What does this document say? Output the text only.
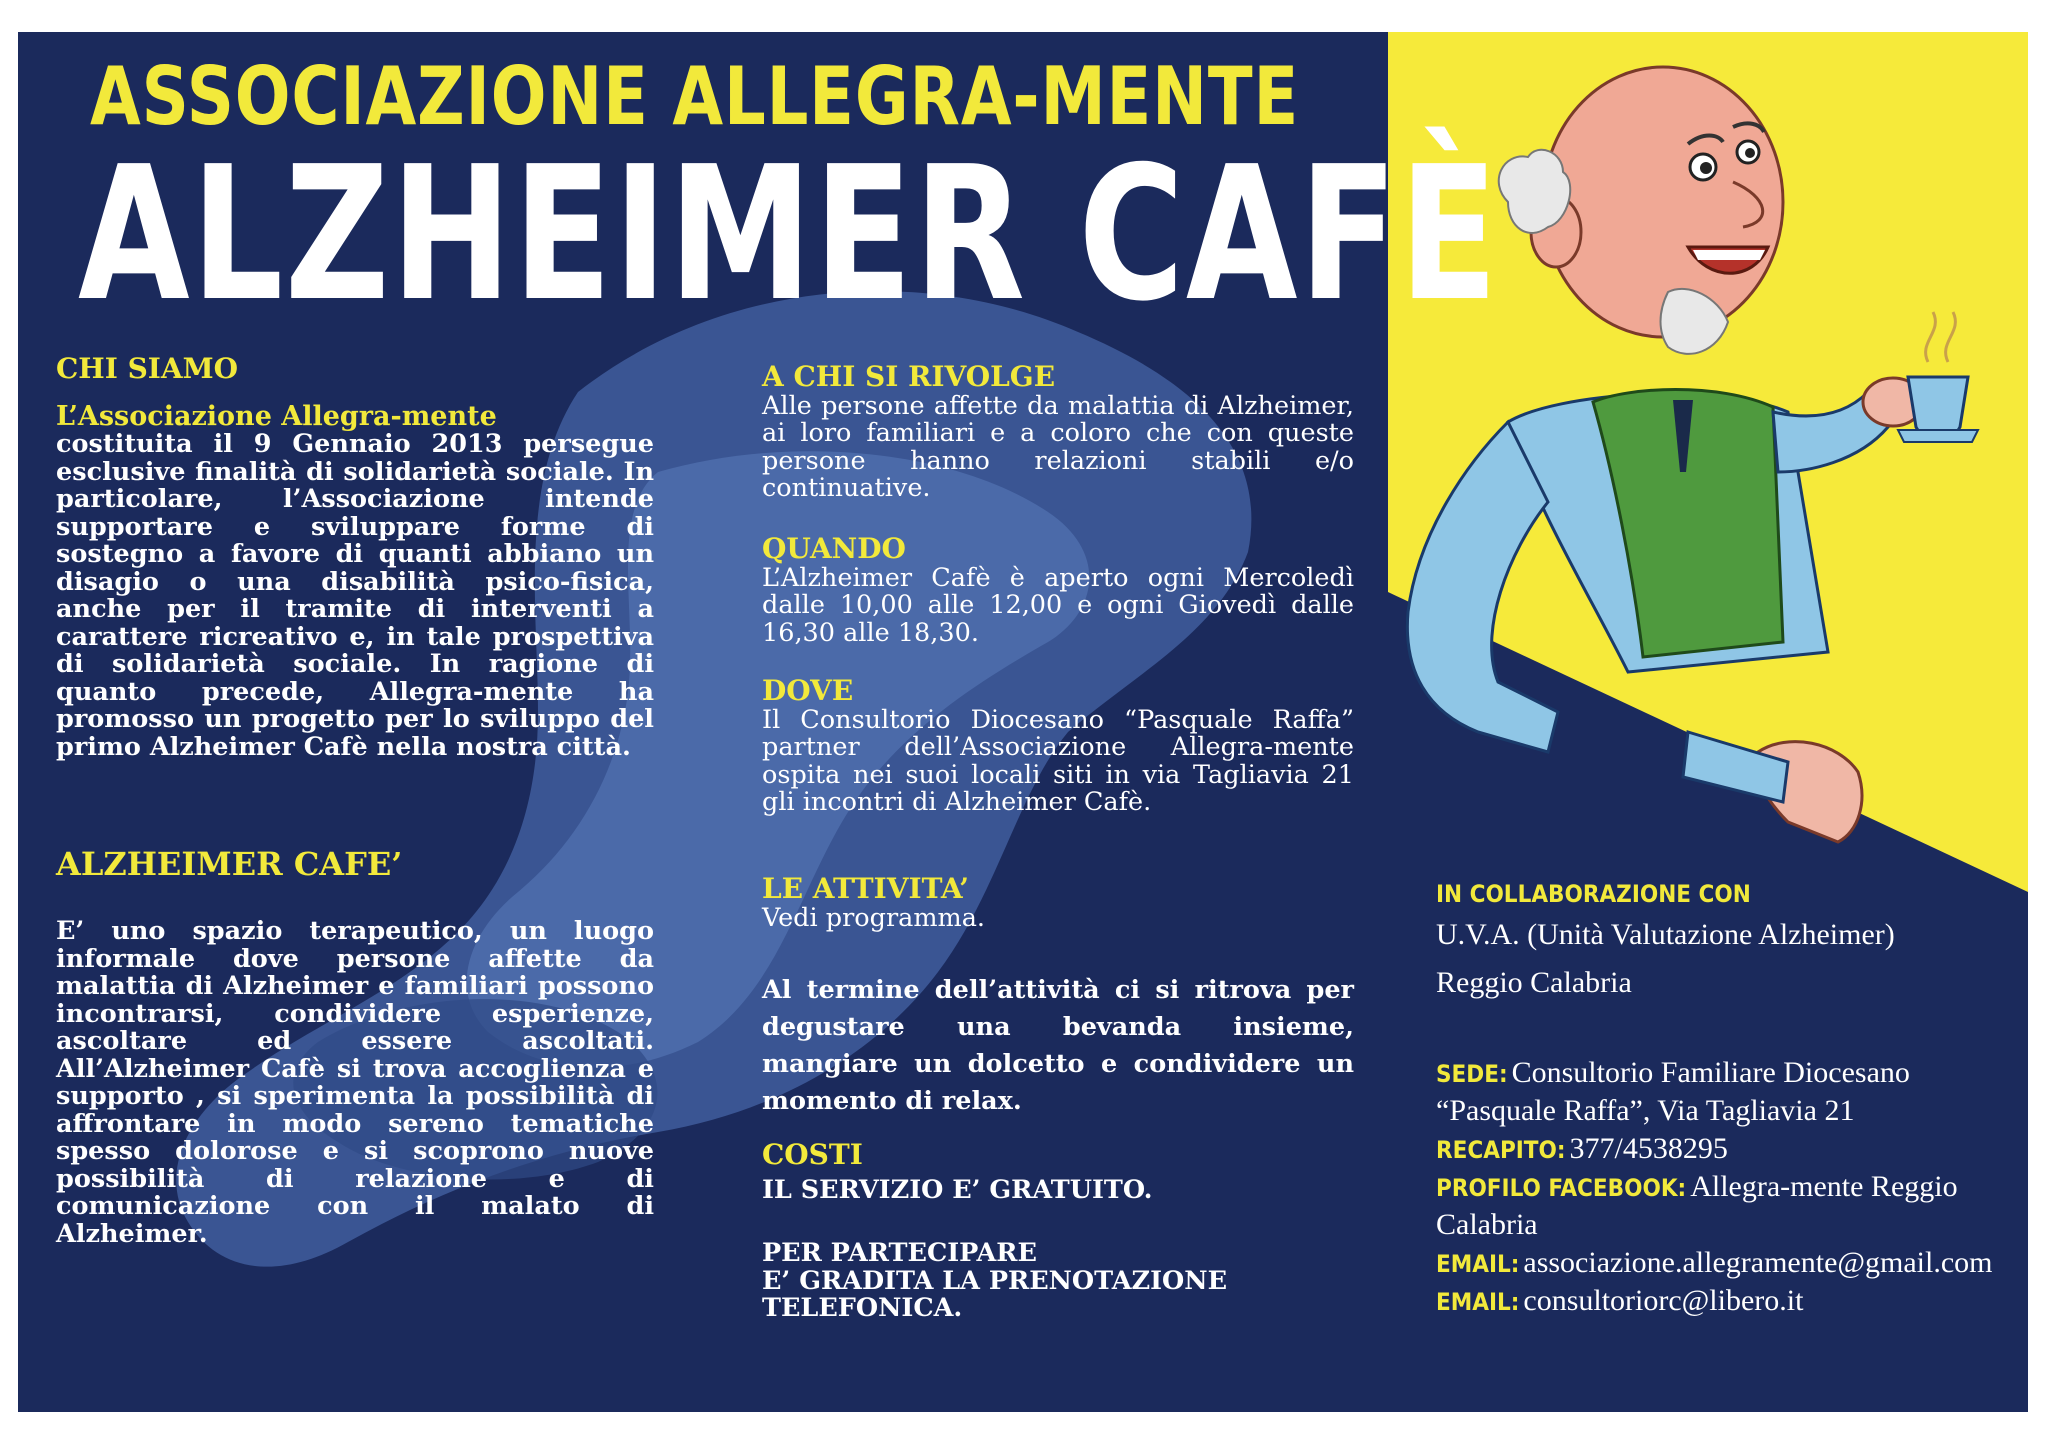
ASSOCIAZIONE ALLEGRA-MENTE
ALZHEIMER CAFÈ

CHI SIAMO

L’Associazione Allegra-mente

costituita il 9 Gennaio 2013 persegue esclusive finalità di solidarietà sociale. In particolare, l’Associazione intende supportare e sviluppare forme di sostegno a favore di quanti abbiano un disagio o una disabilità psico-fisica, anche per il tramite di interventi a carattere ricreativo e, in tale prospettiva di solidarietà sociale. In ragione di quanto precede, Allegra-mente ha promosso un progetto per lo sviluppo del primo Alzheimer Cafè nella nostra città.

ALZHEIMER CAFE’

E’ uno spazio terapeutico, un luogo informale dove persone affette da malattia di Alzheimer e familiari possono incontrarsi, condividere esperienze, ascoltare ed essere ascoltati. All’Alzheimer Cafè si trova accoglienza e supporto , si sperimenta la possibilità di affrontare in modo sereno tematiche spesso dolorose e si scoprono nuove possibilità di relazione e di comunicazione con il malato di Alzheimer.

A CHI SI RIVOLGE

Alle persone affette da malattia di Alzheimer, ai loro familiari e a coloro che con queste persone hanno relazioni stabili e/o continuative.

QUANDO

L’Alzheimer Cafè è aperto ogni Mercoledì dalle 10,00 alle 12,00 e ogni Giovedì dalle 16,30 alle 18,30.

DOVE

Il Consultorio Diocesano “Pasquale Raffa” partner dell’Associazione Allegra-mente ospita nei suoi locali siti in via Tagliavia 21 gli incontri di Alzheimer Cafè.

LE ATTIVITA’

Vedi programma.

Al termine dell’attività ci si ritrova per degustare una bevanda insieme, mangiare un dolcetto e condividere un momento di relax.

COSTI

IL SERVIZIO E’ GRATUITO.

PER PARTECIPARE

E’ GRADITA LA PRENOTAZIONE

TELEFONICA.

IN COLLABORAZIONE CON
U.V.A. (Unità Valutazione Alzheimer)
Reggio Calabria
SEDE: Consultorio Familiare Diocesano
“Pasquale Raffa”, Via Tagliavia 21
RECAPITO: 377/4538295
PROFILO FACEBOOK: Allegra-mente Reggio
Calabria
EMAIL: associazione.allegramente@gmail.com
EMAIL: consultoriorc@libero.it
